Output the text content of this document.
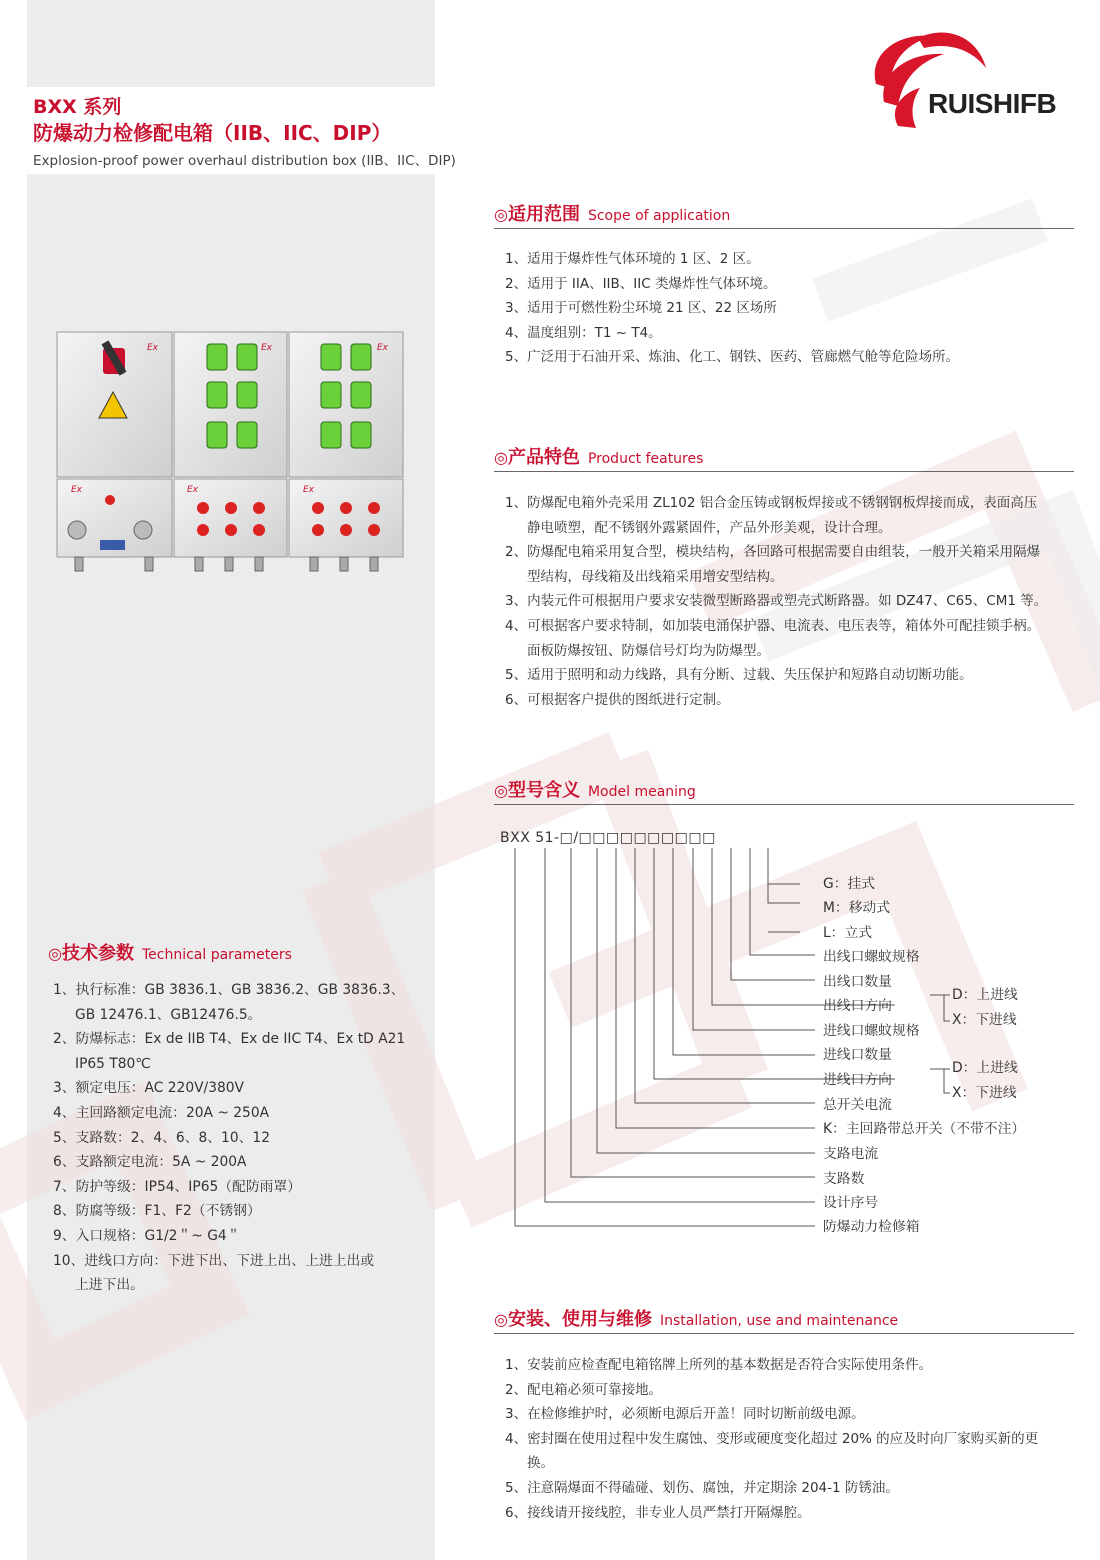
BXX 系列
防爆动力检修配电箱（IIB、IIC、DIP）
Explosion-proof power overhaul distribution box (IIB、IIC、DIP)
RUISHIFB
◎适用范围 Scope of application
1、适用于爆炸性气体环境的 1 区、2 区。
2、适用于 IIA、IIB、IIC 类爆炸性气体环境。
3、适用于可燃性粉尘环境 21 区、22 区场所
4、温度组别：T1 ~ T4。
5、广泛用于石油开采、炼油、化工、钢铁、医药、管廊燃气舱等危险场所。
◎产品特色 Product features
1、防爆配电箱外壳采用 ZL102 铝合金压铸或钢板焊接或不锈钢钢板焊接而成，表面高压
静电喷塑，配不锈钢外露紧固件，产品外形美观，设计合理。
2、防爆配电箱采用复合型，模块结构，各回路可根据需要自由组装，一般开关箱采用隔爆
型结构，母线箱及出线箱采用增安型结构。
3、内装元件可根据用户要求安装微型断路器或塑壳式断路器。如 DZ47、C65、CM1 等。
4、可根据客户要求特制，如加装电涌保护器、电流表、电压表等，箱体外可配挂锁手柄。
面板防爆按钮、防爆信号灯均为防爆型。
5、适用于照明和动力线路，具有分断、过载、失压保护和短路自动切断功能。
6、可根据客户提供的图纸进行定制。
◎型号含义 Model meaning
BXX 51-□/□□□□□□□□□□
G：挂式
M：移动式
L：立式
出线口螺蚊规格
出线口数量
出线口方向
D：上进线
X：下进线
进线口螺蚊规格
进线口数量
进线口方向
D：上进线
X：下进线
总开关电流
K：主回路带总开关（不带不注）
支路电流
支路数
设计序号
防爆动力检修箱
◎技术参数 Technical parameters
1、执行标准：GB 3836.1、GB 3836.2、GB 3836.3、
GB 12476.1、GB12476.5。
2、防爆标志：Ex de IIB T4、Ex de IIC T4、Ex tD A21
IP65 T80℃
3、额定电压：AC 220V/380V
4、主回路额定电流：20A ~ 250A
5、支路数：2、4、6、8、10、12
6、支路额定电流：5A ~ 200A
7、防护等级：IP54、IP65（配防雨罩）
8、防腐等级：F1、F2（不锈钢）
9、入口规格：G1/2＂~ G4＂
10、进线口方向：下进下出、下进上出、上进上出或
上进下出。
◎安装、使用与维修 Installation, use and maintenance
1、安装前应检查配电箱铭牌上所列的基本数据是否符合实际使用条件。
2、配电箱必须可靠接地。
3、在检修维护时，必须断电源后开盖！同时切断前级电源。
4、密封圈在使用过程中发生腐蚀、变形或硬度变化超过 20% 的应及时向厂家购买新的更
换。
5、注意隔爆面不得磕碰、划伤、腐蚀，并定期涂 204-1 防锈油。
6、接线请开接线腔，非专业人员严禁打开隔爆腔。
Ex	Ex	Ex
Ex	Ex	Ex
